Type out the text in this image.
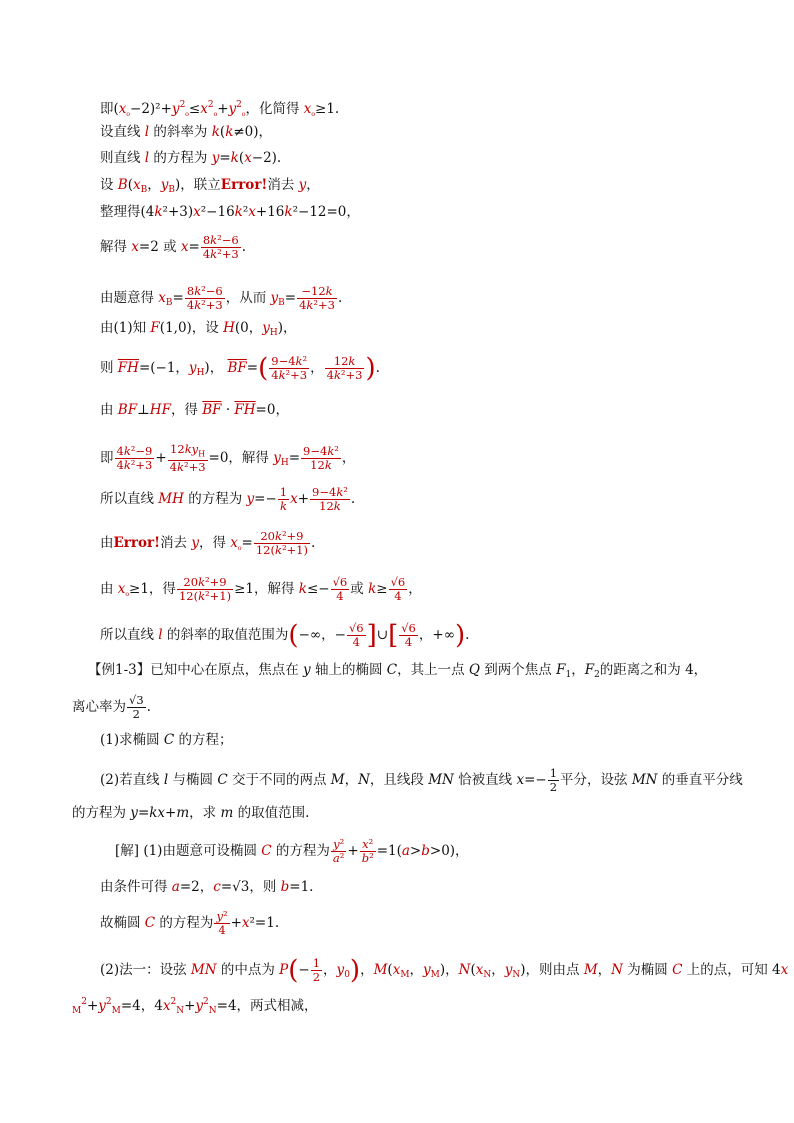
即$(x_{_0}-2)^2+y^2_{_0}\le x^2_{_0}+y^2_{_0}$，化简得 $x_{_0}\ge 1$.
设直线 l 的斜率为 k(k≠0)，
则直线 l 的方程为 y=k(x−2).
设 $B(x_B$，$y_B$)，联立Error!消去 y，
整理得(4k²+3)x²−16k²x+16k²−12=0，
解得 x=2 或 $x= \frac{\text{8k²−6}}{\text{4k²+3}}$ .
由题意得 $x_B= \frac{\text{8k²−6}}{\text{4k²+3}}$ ，从而 $y_B= \frac{-12k}{\text{4k²+3}}$ .
由(1)知 F(1,0)，设 H(0，$y_H$)，
则 $\overline{FH}=(-1$，$y_H$)， $\overline{BF}=( \frac{\text{9−4k²}}{\text{4k²+3}}$ ， $\frac{12k}{\text{4k²+3}}$ ).
由 BF⊥HF，得 $\overline{BF} \cdot \overline{FH}=0$，
即 $\frac{\text{4k²−9}}{\text{4k²+3}} + \frac{12ky_H}{\text{4k²+3}} =0$，解得 $y_H= \frac{\text{9−4k²}}{12k}$ ，
所以直线 MH 的方程为 $y=- \frac{1}{k} x+ \frac{\text{9−4k²}}{12k}$ .
由Error!消去 y，得 $x_{_0}= \frac{\text{20k²+9}}{\text{12(k²+1)}}$ .
由 $x_{_0}\ge 1$，得 $\frac{\text{20k²+9}}{\text{12(k²+1)}} \ge 1$，解得 $k\le- \frac{√6}{4}$ 或 $k\ge \frac{√6}{4}$ ，
所以直线 l 的斜率的取值范围为(−∞，− $\frac{√6}{4}$ ]∪[ $\frac{√6}{4}$ ，+∞).
【例1-3】已知中心在原点，焦点在 y 轴上的椭圆 C，其上一点 Q 到两个焦点 $F_1$，$F_2$的距离之和为 4，
离心率为 $\frac{√3}{2}$ .
(1)求椭圆 C 的方程；
(2)若直线 l 与椭圆 C 交于不同的两点 M，N，且线段 MN 恰被直线 $x=- \frac{1}{2}$ 平分，设弦 MN 的垂直平分线
的方程为 y=kx+m，求 m 的取值范围.
[解] (1)由题意可设椭圆 C 的方程为 $\frac{\text{y²}}{\text{a²}} + \frac{\text{x²}}{\text{b²}} =1(a>b>0)$，
由条件可得 a=2，c=√3，则 b=1.
故椭圆 C 的方程为 $\frac{\text{y²}}{4} +x^2=1$.
(2)法一：设弦 MN 的中点为 $P(- \frac{1}{2}$ ，$y_0$)，$M(x_M$，$y_M$)，$N(x_N$，$y_N$)，则由点 M，N 为椭圆 C 上的点，可知 4x
$_M^2+y^2_M=4$，$4x^2_N+y^2_N=4$，两式相减，
